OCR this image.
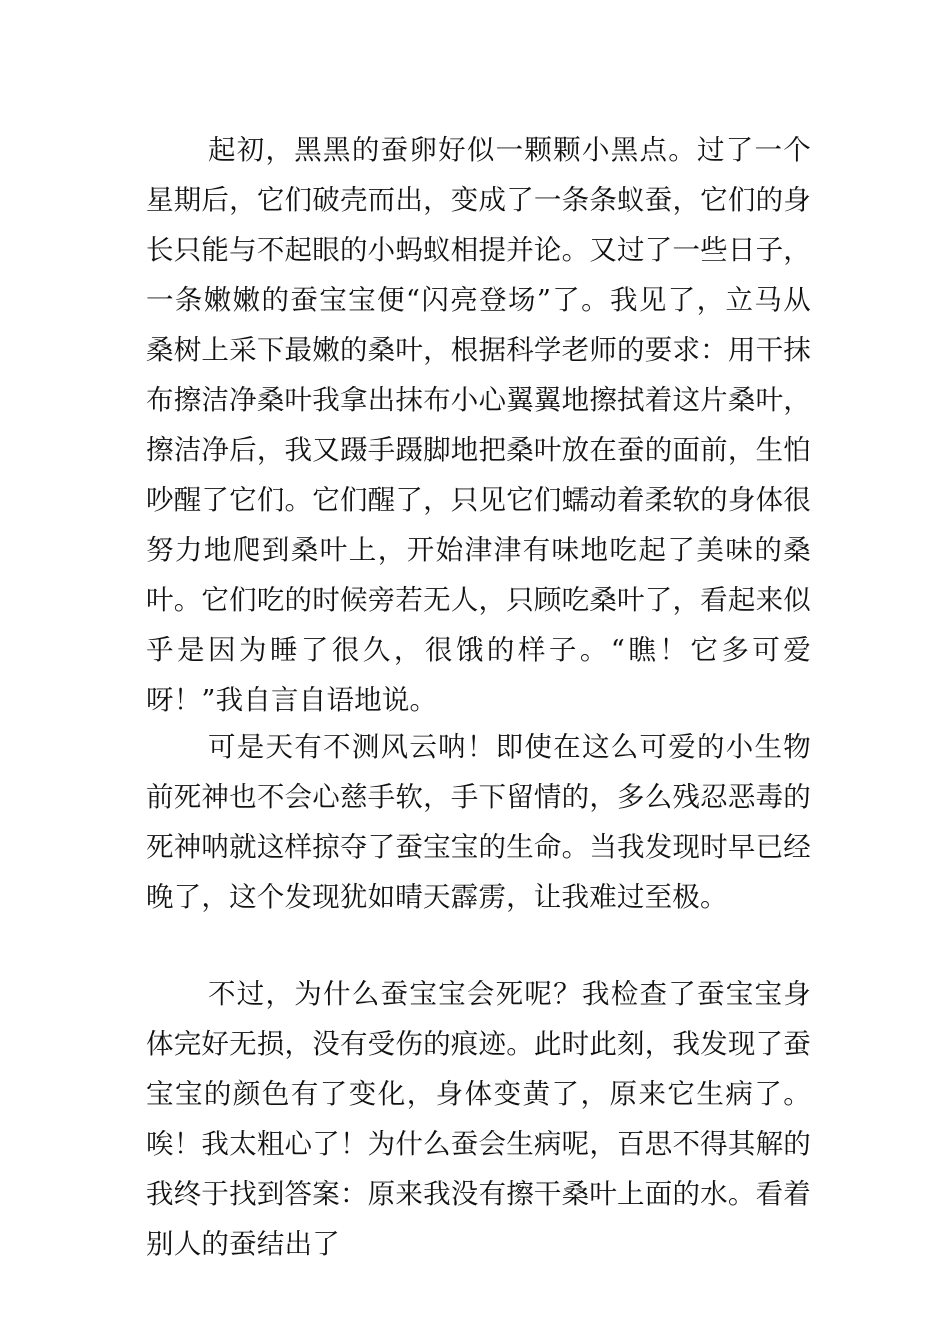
起初，黑黑的蚕卵好似一颗颗小黑点。过了一个星期后，它们破壳而出，变成了一条条蚁蚕，它们的身长只能与不起眼的小蚂蚁相提并论。又过了一些日子，一条嫩嫩的蚕宝宝便“闪亮登场”了。我见了，立马从桑树上采下最嫩的桑叶，根据科学老师的要求：用干抹布擦洁净桑叶我拿出抹布小心翼翼地擦拭着这片桑叶，擦洁净后，我又蹑手蹑脚地把桑叶放在蚕的面前，生怕吵醒了它们。它们醒了，只见它们蠕动着柔软的身体很努力地爬到桑叶上，开始津津有味地吃起了美味的桑叶。它们吃的时候旁若无人，只顾吃桑叶了，看起来似乎是因为睡了很久，很饿的样子。“瞧！它多可爱呀！”我自言自语地说。

可是天有不测风云呐！即使在这么可爱的小生物前死神也不会心慈手软，手下留情的，多么残忍恶毒的死神呐就这样掠夺了蚕宝宝的生命。当我发现时早已经晚了，这个发现犹如晴天霹雳，让我难过至极。

不过，为什么蚕宝宝会死呢？我检查了蚕宝宝身体完好无损，没有受伤的痕迹。此时此刻，我发现了蚕宝宝的颜色有了变化，身体变黄了，原来它生病了。唉！我太粗心了！为什么蚕会生病呢，百思不得其解的我终于找到答案：原来我没有擦干桑叶上面的水。看着别人的蚕结出了
